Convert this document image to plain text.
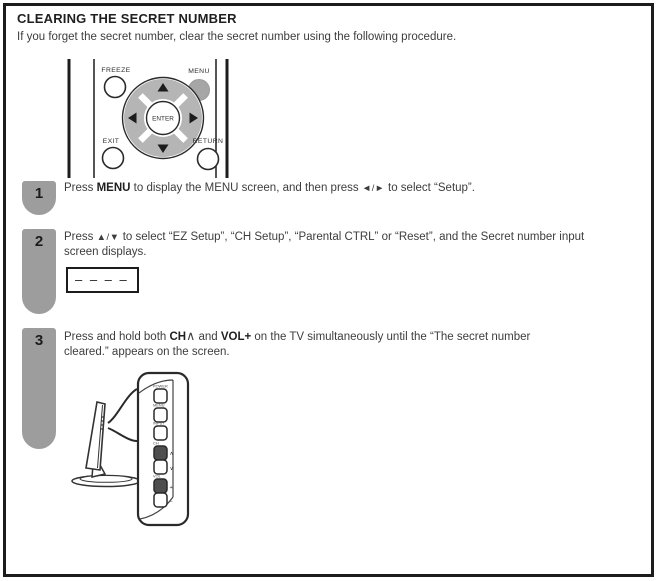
CLEARING THE SECRET NUMBER
If you forget the secret number, clear the secret number using the following procedure.
FREEZE	MENU
ENTER
EXIT	RETURN
1	Press MENU to display the MENU screen, and then press ◄/► to select “Setup”.
2	Press ▲/▼ to select “EZ Setup”, “CH Setup”, “Parental CTRL” or “Reset”, and the Secret number input screen displays.
– – – –
3	Press and hold both CH∧ and VOL+ on the TV simultaneously until the “The secret number cleared.” appears on the screen.
POWER
MENU
INPUT
CH
∧
∨
VOL
+
−
